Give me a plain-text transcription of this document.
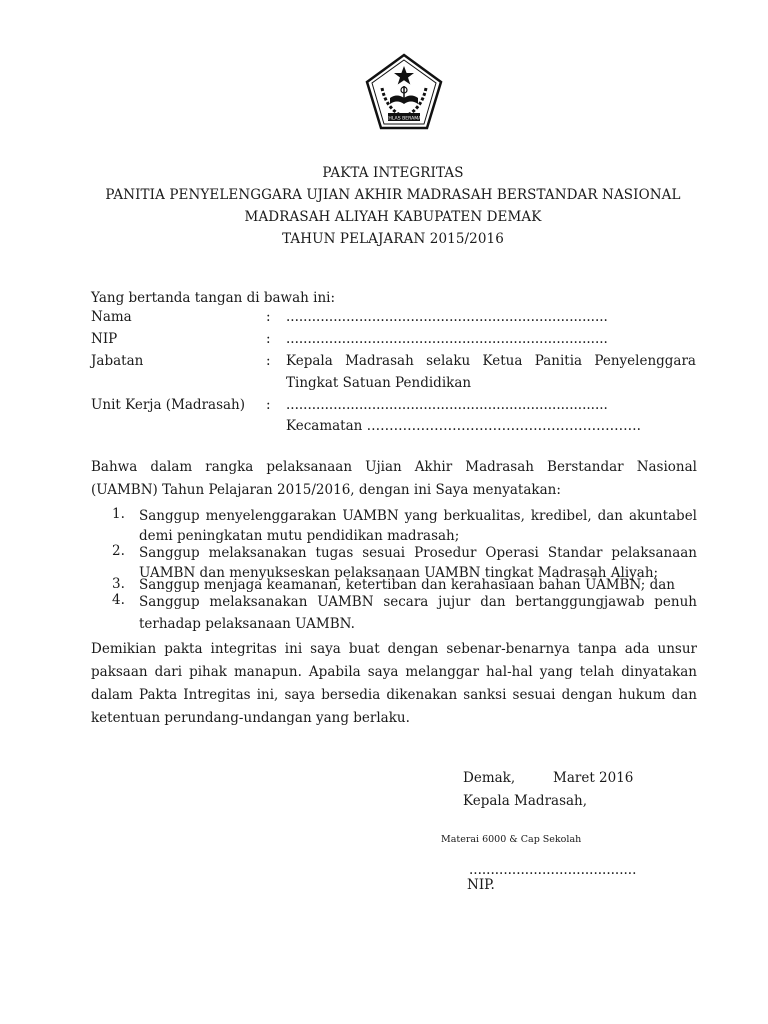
IKHLAS BERAMAL
PAKTA INTEGRITAS
PANITIA PENYELENGGARA UJIAN AKHIR MADRASAH BERSTANDAR NASIONAL
MADRASAH ALIYAH KABUPATEN DEMAK
TAHUN PELAJARAN 2015/2016
Yang bertanda tangan di bawah ini:
Nama	: ...........................................................................
NIP	: ...........................................................................
Jabatan	: Kepala Madrasah selaku Ketua Panitia Penyelenggara
Tingkat Satuan Pendidikan
Unit Kerja (Madrasah) : ...........................................................................
Kecamatan …………………………………………………….
Bahwa dalam rangka pelaksanaan Ujian Akhir Madrasah Berstandar Nasional
(UAMBN) Tahun Pelajaran 2015/2016, dengan ini Saya menyatakan:
1.	Sanggup menyelenggarakan UAMBN yang berkualitas, kredibel, dan akuntabel
demi peningkatan mutu pendidikan madrasah;
2.	Sanggup melaksanakan tugas sesuai Prosedur Operasi Standar pelaksanaan
UAMBN dan menyukseskan pelaksanaan UAMBN tingkat Madrasah Aliyah;
3.	Sanggup menjaga keamanan, ketertiban dan kerahasiaan bahan UAMBN; dan
4.	Sanggup melaksanakan UAMBN secara jujur dan bertanggungjawab penuh
terhadap pelaksanaan UAMBN.
Demikian pakta integritas ini saya buat dengan sebenar-benarnya tanpa ada unsur
paksaan dari pihak manapun. Apabila saya melanggar hal-hal yang telah dinyatakan
dalam Pakta Intregitas ini, saya bersedia dikenakan sanksi sesuai dengan hukum dan
ketentuan perundang-undangan yang berlaku.
Demak,	Maret 2016
Kepala Madrasah,
Materai 6000 & Cap Sekolah
.......................................
NIP.
